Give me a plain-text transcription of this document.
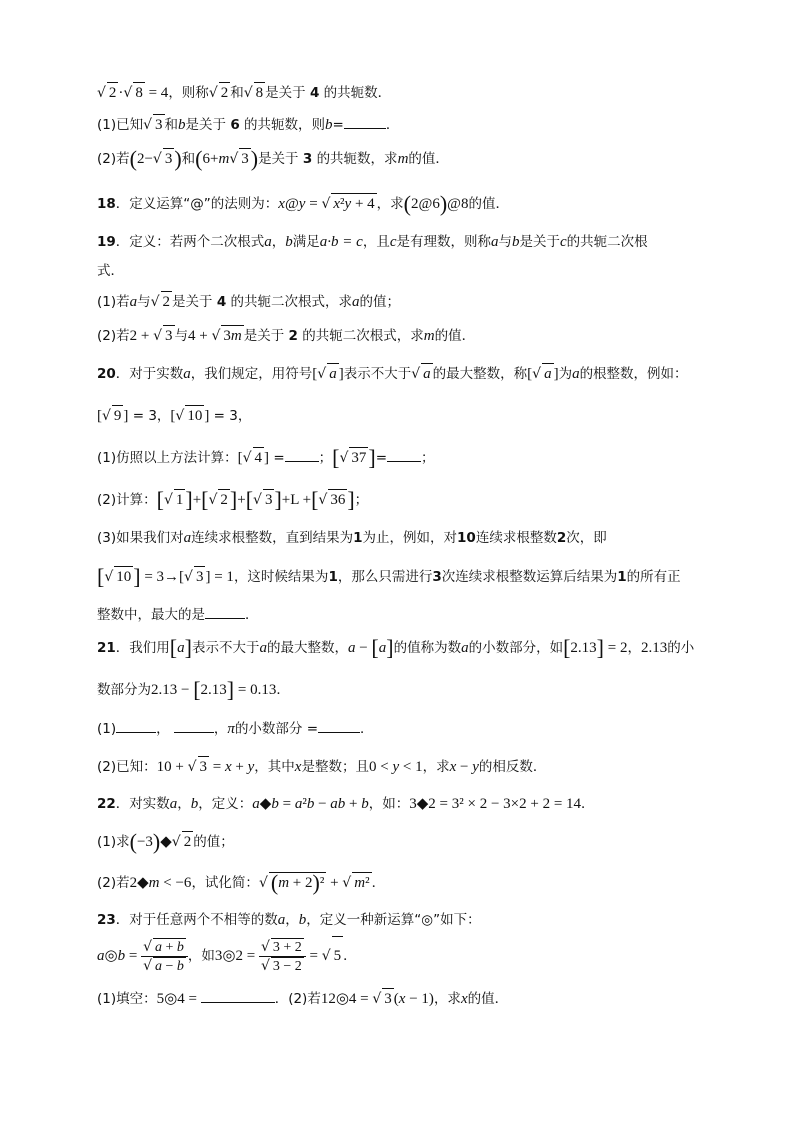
√ 2 ·√ 8 = 4，则称√ 2 和√ 8 是关于 4 的共轭数．
(1)已知√ 3 和b是关于 6 的共轭数，则b=	．
(2)若(2−√ 3)和(6+m√ 3)是关于 3 的共轭数，求m的值．
18．定义运算“@”的法则为：x@y = √ x²y + 4 ，求(2@6)@8的值．
19．定义：若两个二次根式a，b满足a·b = c，且c是有理数，则称a与b是关于c的共轭二次根
式．
(1)若a与√ 2 是关于 4 的共轭二次根式，求a的值；
(2)若2 + √ 3 与4 + √ 3m 是关于 2 的共轭二次根式，求m的值．
20．对于实数a，我们规定，用符号[√ a ]表示不大于√ a 的最大整数，称[√ a ]为a的根整数，例如：
[√ 9 ] = 3，[√ 10 ] = 3，
(1)仿照以上方法计算：[√ 4 ] =	；[√ 37]=	；
(2)计算：[√ 1]+[√ 2]+[√ 3]+L +[√ 36]；
(3)如果我们对a连续求根整数，直到结果为1为止，例如，对10连续求根整数2次，即
[√ 10] = 3→[√ 3 ] = 1，这时候结果为1，那么只需进行3次连续求根整数运算后结果为1的所有正
整数中，最大的是	．
21．我们用[a]表示不大于a的最大整数，a − [a]的值称为数a的小数部分，如[2.13] = 2，2.13的小
数部分为2.13 − [2.13] = 0.13．
(1)	，	，π的小数部分 =	．
(2)已知：10 + √ 3 = x + y，其中x是整数；且0 < y < 1，求x − y的相反数．
22．对实数a，b，定义：a◆b = a²b − ab + b，如：3◆2 = 3² × 2 − 3×2 + 2 = 14．
(1)求(−3)◆√ 2 的值；
(2)若2◆m < −6，试化简：√ (m + 2)² + √ m² ．
23．对于任意两个不相等的数a，b，定义一种新运算“◎”如下：
a◎b = $\frac{√ a + b}{√ a - b}$ ，如3◎2 = $\frac{√ 3 + 2}{√ 3 - 2}$ = √ 5 ．
(1)填空：5◎4 =	．(2)若12◎4 = √ 3 (x − 1)，求x的值．
